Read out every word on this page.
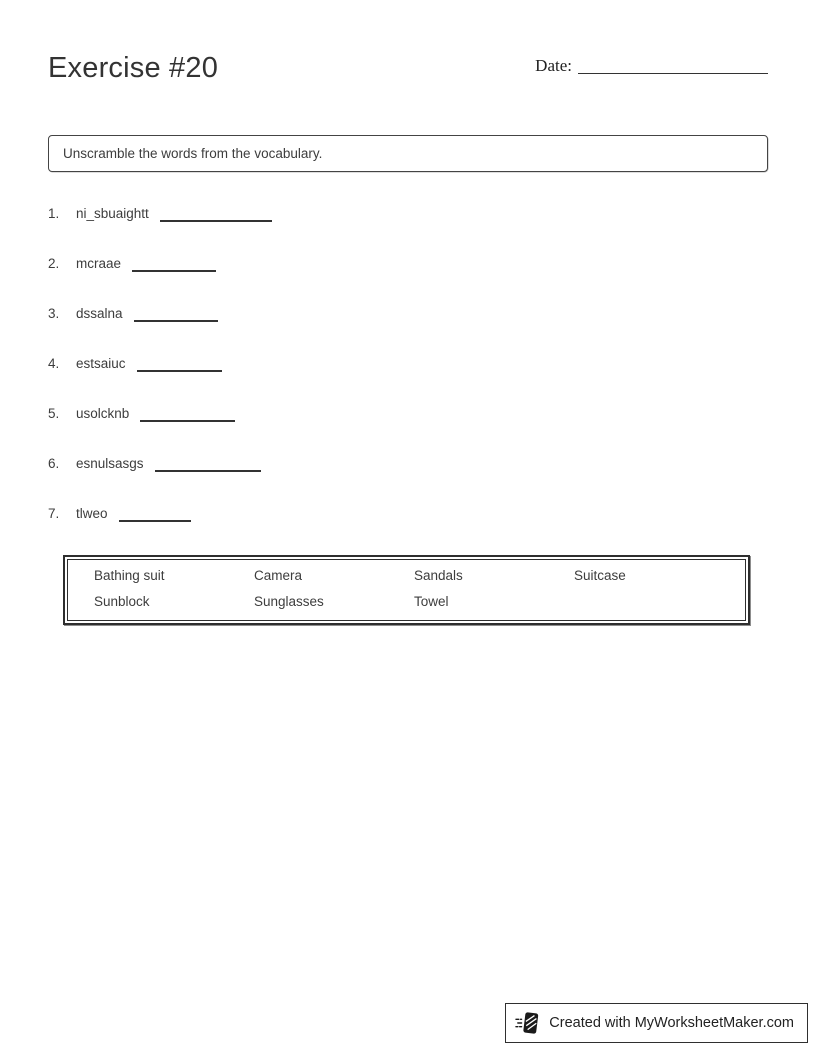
Exercise #20	Date:
Unscramble the words from the vocabulary.
1.	ni_sbuaightt
2.	mcraae
3.	dssalna
4.	estsaiuc
5.	usolcknb
6.	esnulsasgs
7.	tlweo
Bathing suit	Camera	Sandals	Suitcase
Sunblock	Sunglasses	Towel
Created with MyWorksheetMaker.com
